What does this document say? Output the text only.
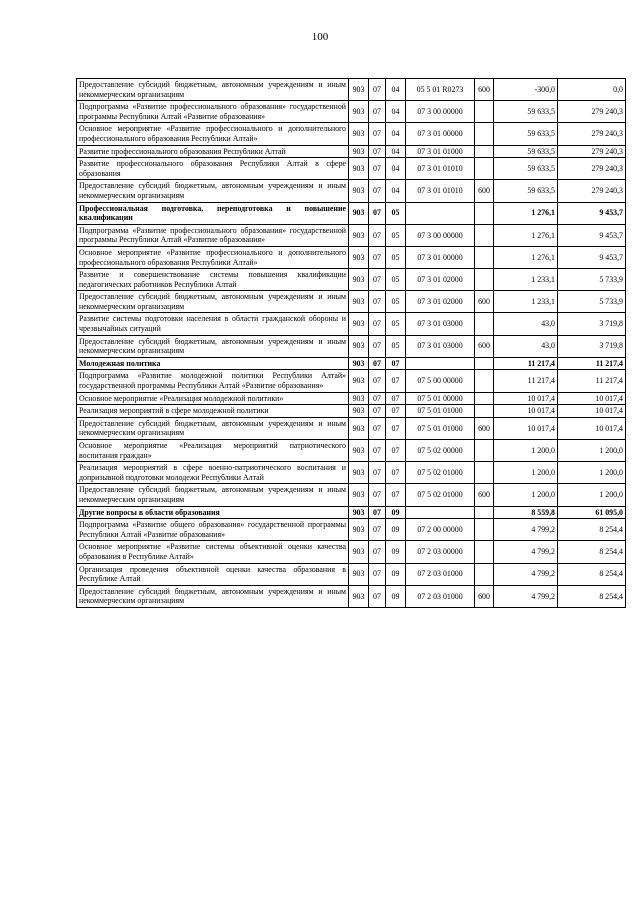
100
Предоставление субсидий бюджетным, автономным учреждениям и иным некоммерческим организациям	903	07	04	05 5 01 R0273	600	-300,0	0,0
Подпрограмма «Развитие профессионального образования» государственной программы Республики Алтай «Развитие образования»	903	07	04	07 3 00 00000		59 633,5	279 240,3
Основное мероприятие «Развитие профессионального и дополнительного профессионального образования Республики Алтай»	903	07	04	07 3 01 00000		59 633,5	279 240,3
Развитие профессионального образования Республики Алтай	903	07	04	07 3 01 01000		59 633,5	279 240,3
Развитие профессионального образования Республики Алтай в сфере образования	903	07	04	07 3 01 01010		59 633,5	279 240,3
Предоставление субсидий бюджетным, автономным учреждениям и иным некоммерческим организациям	903	07	04	07 3 01 01010	600	59 633,5	279 240,3
Профессиональная подготовка, переподготовка и повышение квалификации	903	07	05			1 276,1	9 453,7
Подпрограмма «Развитие профессионального образования» государственной программы Республики Алтай «Развитие образования»	903	07	05	07 3 00 00000		1 276,1	9 453,7
Основное мероприятие «Развитие профессионального и дополнительного профессионального образования Республики Алтай»	903	07	05	07 3 01 00000		1 276,1	9 453,7
Развитие и совершенствование системы повышения квалификации педагогических работников Республики Алтай	903	07	05	07 3 01 02000		1 233,1	5 733,9
Предоставление субсидий бюджетным, автономным учреждениям и иным некоммерческим организациям	903	07	05	07 3 01 02000	600	1 233,1	5 733,9
Развитие системы подготовки населения в области гражданской обороны и чрезвычайных ситуаций	903	07	05	07 3 01 03000		43,0	3 719,8
Предоставление субсидий бюджетным, автономным учреждениям и иным некоммерческим организациям	903	07	05	07 3 01 03000	600	43,0	3 719,8
Молодежная политика	903	07	07			11 217,4	11 217,4
Подпрограмма «Развитие молодежной политики Республики Алтай» государственной программы Республики Алтай «Развитие образования»	903	07	07	07 5 00 00000		11 217,4	11 217,4
Основное мероприятие «Реализация молодежной политики»	903	07	07	07 5 01 00000		10 017,4	10 017,4
Реализация мероприятий в сфере молодежной политики	903	07	07	07 5 01 01000		10 017,4	10 017,4
Предоставление субсидий бюджетным, автономным учреждениям и иным некоммерческим организациям	903	07	07	07 5 01 01000	600	10 017,4	10 017,4
Основное мероприятие «Реализация мероприятий патриотического воспитания граждан»	903	07	07	07 5 02 00000		1 200,0	1 200,0
Реализация мероприятий в сфере военно-патриотического воспитания и допризывной подготовки молодежи Республики Алтай	903	07	07	07 5 02 01000		1 200,0	1 200,0
Предоставление субсидий бюджетным, автономным учреждениям и иным некоммерческим организациям	903	07	07	07 5 02 01000	600	1 200,0	1 200,0
Другие вопросы в области образования	903	07	09			8 559,8	61 095,0
Подпрограмма «Развитие общего образования» государственной программы Республики Алтай «Развитие образования»	903	07	09	07 2 00 00000		4 799,2	8 254,4
Основное мероприятие «Развитие системы объективной оценки качества образования в Республике Алтай»	903	07	09	07 2 03 00000		4 799,2	8 254,4
Организация проведения объективной оценки качества образования в Республике Алтай	903	07	09	07 2 03 01000		4 799,2	8 254,4
Предоставление субсидий бюджетным, автономным учреждениям и иным некоммерческим организациям	903	07	09	07 2 03 01000	600	4 799,2	8 254,4
